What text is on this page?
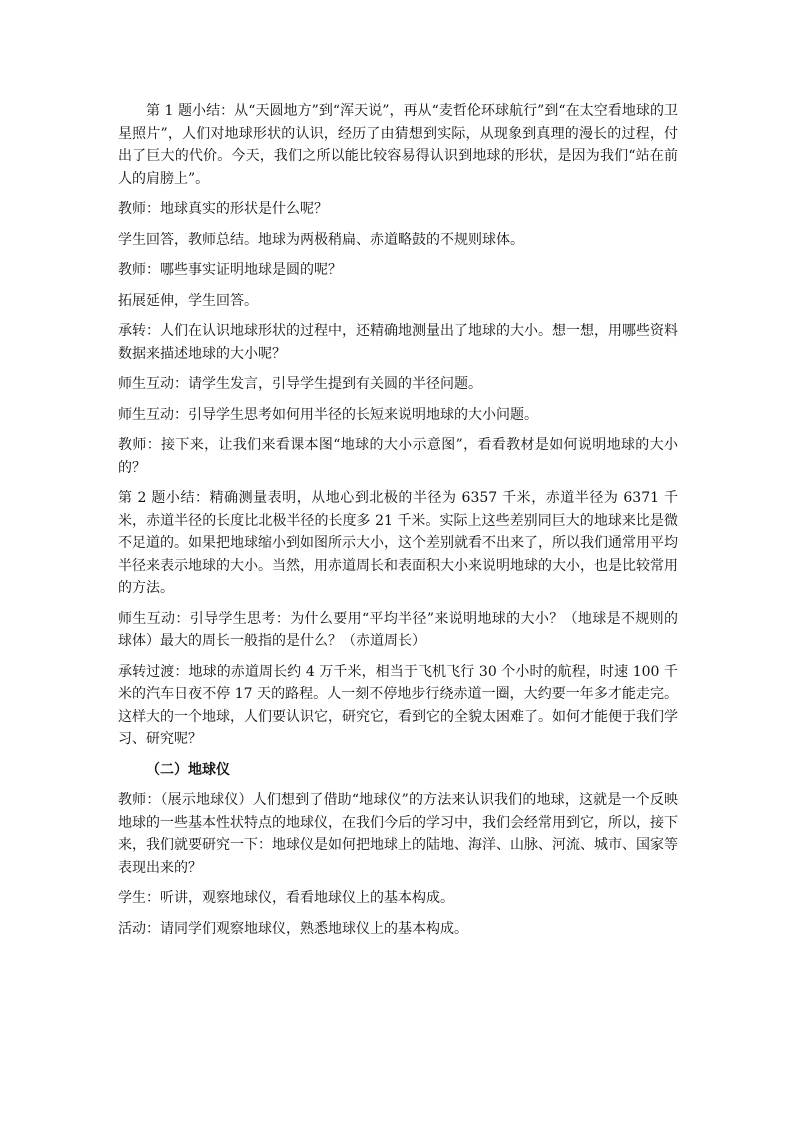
第 1 题小结：从“天圆地方”到“浑天说”，再从“麦哲伦环球航行”到“在太空看地球的卫星照片”，人们对地球形状的认识，经历了由猜想到实际，从现象到真理的漫长的过程，付出了巨大的代价。今天，我们之所以能比较容易得认识到地球的形状，是因为我们“站在前人的肩膀上”。

教师：地球真实的形状是什么呢？

学生回答，教师总结。地球为两极稍扁、赤道略鼓的不规则球体。

教师：哪些事实证明地球是圆的呢？

拓展延伸，学生回答。

承转：人们在认识地球形状的过程中，还精确地测量出了地球的大小。想一想，用哪些资料数据来描述地球的大小呢？

师生互动：请学生发言，引导学生提到有关圆的半径问题。

师生互动：引导学生思考如何用半径的长短来说明地球的大小问题。

教师：接下来，让我们来看课本图“地球的大小示意图”，看看教材是如何说明地球的大小的？

第 2 题小结：精确测量表明，从地心到北极的半径为 6357 千米，赤道半径为 6371 千米，赤道半径的长度比北极半径的长度多 21 千米。实际上这些差别同巨大的地球来比是微不足道的。如果把地球缩小到如图所示大小，这个差别就看不出来了，所以我们通常用平均半径来表示地球的大小。当然，用赤道周长和表面积大小来说明地球的大小，也是比较常用的方法。

师生互动：引导学生思考：为什么要用“平均半径”来说明地球的大小？（地球是不规则的球体）最大的周长一般指的是什么？（赤道周长）

承转过渡：地球的赤道周长约 4 万千米，相当于飞机飞行 30 个小时的航程，时速 100 千米的汽车日夜不停 17 天的路程。人一刻不停地步行绕赤道一圈，大约要一年多才能走完。这样大的一个地球，人们要认识它，研究它，看到它的全貌太困难了。如何才能便于我们学习、研究呢？

（二）地球仪

教师：（展示地球仪）人们想到了借助“地球仪”的方法来认识我们的地球，这就是一个反映地球的一些基本性状特点的地球仪，在我们今后的学习中，我们会经常用到它，所以，接下来，我们就要研究一下：地球仪是如何把地球上的陆地、海洋、山脉、河流、城市、国家等表现出来的？

学生：听讲，观察地球仪，看看地球仪上的基本构成。

活动：请同学们观察地球仪，熟悉地球仪上的基本构成。
